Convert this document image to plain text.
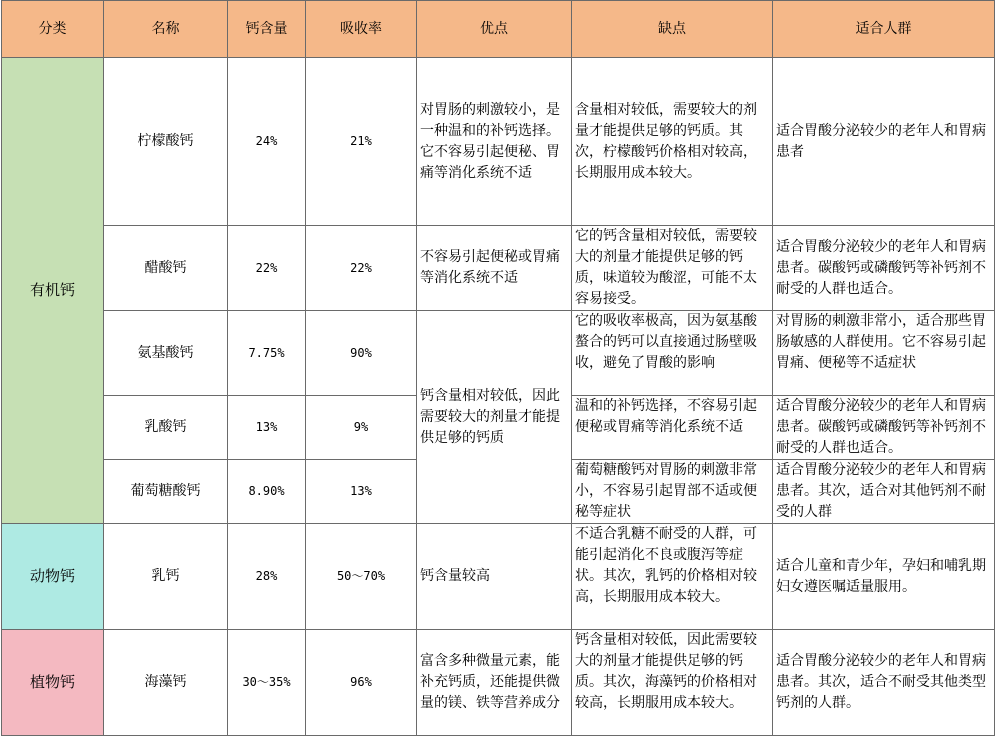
分类	名称	钙含量	吸收率	优点	缺点	适合人群
有机钙	柠檬酸钙	24%	21%	对胃肠的刺激较小，是一种温和的补钙选择。它不容易引起便秘、胃痛等消化系统不适	含量相对较低，需要较大的剂量才能提供足够的钙质。其次，柠檬酸钙价格相对较高，长期服用成本较大。	适合胃酸分泌较少的老年人和胃病患者
	醋酸钙	22%	22%	不容易引起便秘或胃痛等消化系统不适	它的钙含量相对较低，需要较大的剂量才能提供足够的钙质，味道较为酸涩，可能不太容易接受。	适合胃酸分泌较少的老年人和胃病患者。碳酸钙或磷酸钙等补钙剂不耐受的人群也适合。
	氨基酸钙	7.75%	90%	钙含量相对较低，因此需要较大的剂量才能提供足够的钙质	它的吸收率极高，因为氨基酸螯合的钙可以直接通过肠壁吸收，避免了胃酸的影响	对胃肠的刺激非常小，适合那些胃肠敏感的人群使用。它不容易引起胃痛、便秘等不适症状

	乳酸钙	13%	9%		温和的补钙选择，不容易引起便秘或胃痛等消化系统不适	适合胃酸分泌较少的老年人和胃病患者。碳酸钙或磷酸钙等补钙剂不耐受的人群也适合。

	葡萄糖酸钙	8.90%	13%		葡萄糖酸钙对胃肠的刺激非常小，不容易引起胃部不适或便秘等症状	适合胃酸分泌较少的老年人和胃病患者。其次，适合对其他钙剂不耐受的人群

动物钙	乳钙	28%	50～70%	钙含量较高	不适合乳糖不耐受的人群，可能引起消化不良或腹泻等症状。其次，乳钙的价格相对较高，长期服用成本较大。	适合儿童和青少年，孕妇和哺乳期妇女遵医嘱适量服用。
植物钙	海藻钙	30～35%	96%	富含多种微量元素，能补充钙质，还能提供微量的镁、铁等营养成分	钙含量相对较低，因此需要较大的剂量才能提供足够的钙质。其次，海藻钙的价格相对较高，长期服用成本较大。	适合胃酸分泌较少的老年人和胃病患者。其次，适合不耐受其他类型钙剂的人群。
